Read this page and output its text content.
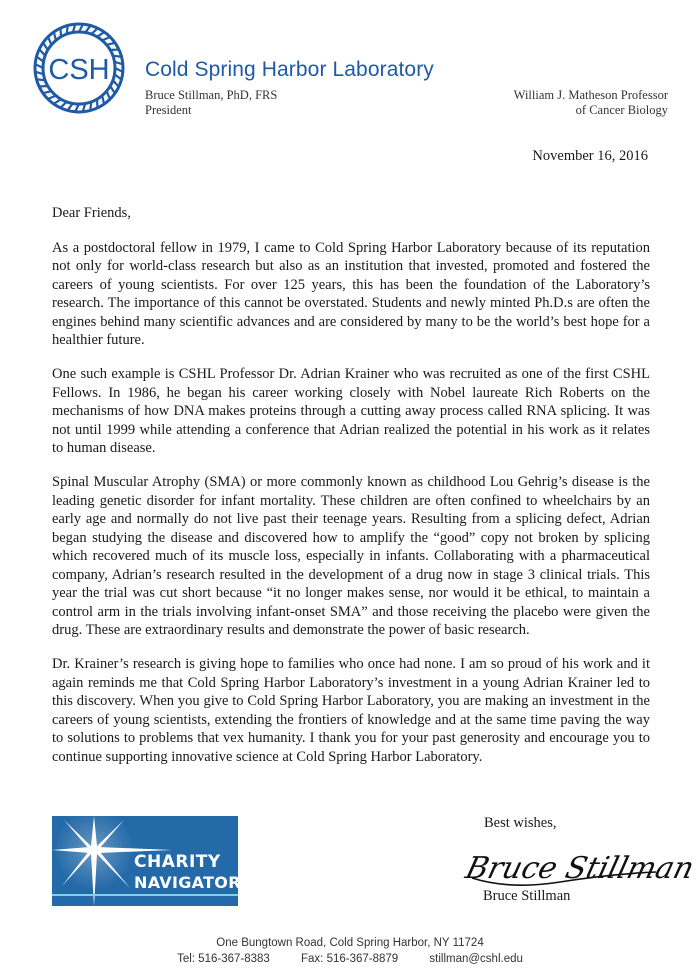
CSH Cold Spring Harbor Laboratory
Bruce Stillman, PhD, FRS
President
William J. Matheson Professor
of Cancer Biology
November 16, 2016

Dear Friends,

As a postdoctoral fellow in 1979, I came to Cold Spring Harbor Laboratory because of its reputation not only for world-class research but also as an institution that invested, promoted and fostered the careers of young scientists. For over 125 years, this has been the foundation of the Laboratory’s research. The importance of this cannot be overstated. Students and newly minted Ph.D.s are often the engines behind many scientific advances and are considered by many to be the world’s best hope for a healthier future.

One such example is CSHL Professor Dr. Adrian Krainer who was recruited as one of the first CSHL Fellows. In 1986, he began his career working closely with Nobel laureate Rich Roberts on the mechanisms of how DNA makes proteins through a cutting away process called RNA splicing. It was not until 1999 while attending a conference that Adrian realized the potential in his work as it relates to human disease.

Spinal Muscular Atrophy (SMA) or more commonly known as childhood Lou Gehrig’s disease is the leading genetic disorder for infant mortality. These children are often confined to wheelchairs by an early age and normally do not live past their teenage years. Resulting from a splicing defect, Adrian began studying the disease and discovered how to amplify the “good” copy not broken by splicing which recovered much of its muscle loss, especially in infants. Collaborating with a pharmaceutical company, Adrian’s research resulted in the development of a drug now in stage 3 clinical trials. This year the trial was cut short because “it no longer makes sense, nor would it be ethical, to maintain a control arm in the trials involving infant-onset SMA” and those receiving the placebo were given the drug. These are extraordinary results and demonstrate the power of basic research.

Dr. Krainer’s research is giving hope to families who once had none. I am so proud of his work and it again reminds me that Cold Spring Harbor Laboratory’s investment in a young Adrian Krainer led to this discovery. When you give to Cold Spring Harbor Laboratory, you are making an investment in the careers of young scientists, extending the frontiers of knowledge and at the same time paving the way to solutions to problems that vex humanity. I thank you for your past generosity and encourage you to continue supporting innovative science at Cold Spring Harbor Laboratory.

CHARITY
NAVIGATOR
Best wishes,
Bruce Stillman
Bruce Stillman
One Bungtown Road, Cold Spring Harbor, NY 11724
Tel: 516-367-8383	Fax: 516-367-8879	stillman@cshl.edu
